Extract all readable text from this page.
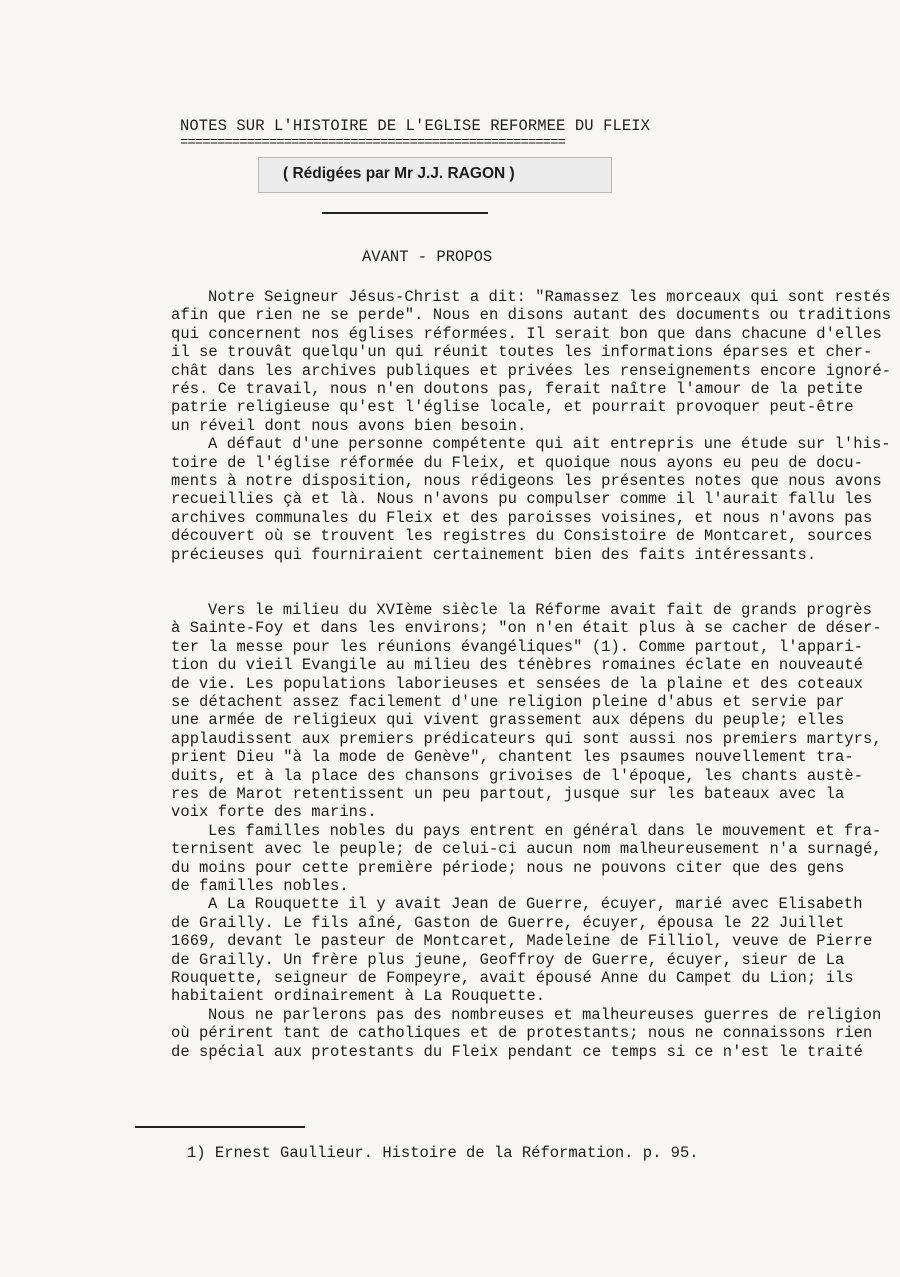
NOTES SUR L'HISTOIRE DE L'EGLISE REFORMEE DU FLEIX
====================================================
( Rédigées par Mr J.J. RAGON )
AVANT - PROPOS
Notre Seigneur Jésus-Christ a dit: "Ramassez les morceaux qui sont restés
afin que rien ne se perde". Nous en disons autant des documents ou traditions
qui concernent nos églises réformées. Il serait bon que dans chacune d'elles
il se trouvât quelqu'un qui réunit toutes les informations éparses et cher-
chât dans les archives publiques et privées les renseignements encore ignoré-
rés. Ce travail, nous n'en doutons pas, ferait naître l'amour de la petite
patrie religieuse qu'est l'église locale, et pourrait provoquer peut-être
un réveil dont nous avons bien besoin.
A défaut d'une personne compétente qui ait entrepris une étude sur l'his-
toire de l'église réformée du Fleix, et quoique nous ayons eu peu de docu-
ments à notre disposition, nous rédigeons les présentes notes que nous avons
recueillies çà et là. Nous n'avons pu compulser comme il l'aurait fallu les
archives communales du Fleix et des paroisses voisines, et nous n'avons pas
découvert où se trouvent les registres du Consistoire de Montcaret, sources
précieuses qui fourniraient certainement bien des faits intéressants.

Vers le milieu du XVIème siècle la Réforme avait fait de grands progrès
à Sainte-Foy et dans les environs; "on n'en était plus à se cacher de déser-
ter la messe pour les réunions évangéliques" (1). Comme partout, l'appari-
tion du vieil Evangile au milieu des ténèbres romaines éclate en nouveauté
de vie. Les populations laborieuses et sensées de la plaine et des coteaux
se détachent assez facilement d'une religion pleine d'abus et servie par
une armée de religieux qui vivent grassement aux dépens du peuple; elles
applaudissent aux premiers prédicateurs qui sont aussi nos premiers martyrs,
prient Dieu "à la mode de Genève", chantent les psaumes nouvellement tra-
duits, et à la place des chansons grivoises de l'époque, les chants austè-
res de Marot retentissent un peu partout, jusque sur les bateaux avec la
voix forte des marins.
Les familles nobles du pays entrent en général dans le mouvement et fra-
ternisent avec le peuple; de celui-ci aucun nom malheureusement n'a surnagé,
du moins pour cette première période; nous ne pouvons citer que des gens
de familles nobles.
A La Rouquette il y avait Jean de Guerre, écuyer, marié avec Elisabeth
de Grailly. Le fils aîné, Gaston de Guerre, écuyer, épousa le 22 Juillet
1669, devant le pasteur de Montcaret, Madeleine de Filliol, veuve de Pierre
de Grailly. Un frère plus jeune, Geoffroy de Guerre, écuyer, sieur de La
Rouquette, seigneur de Fompeyre, avait épousé Anne du Campet du Lion; ils
habitaient ordinairement à La Rouquette.
Nous ne parlerons pas des nombreuses et malheureuses guerres de religion
où périrent tant de catholiques et de protestants; nous ne connaissons rien
de spécial aux protestants du Fleix pendant ce temps si ce n'est le traité
1) Ernest Gaullieur. Histoire de la Réformation. p. 95.
